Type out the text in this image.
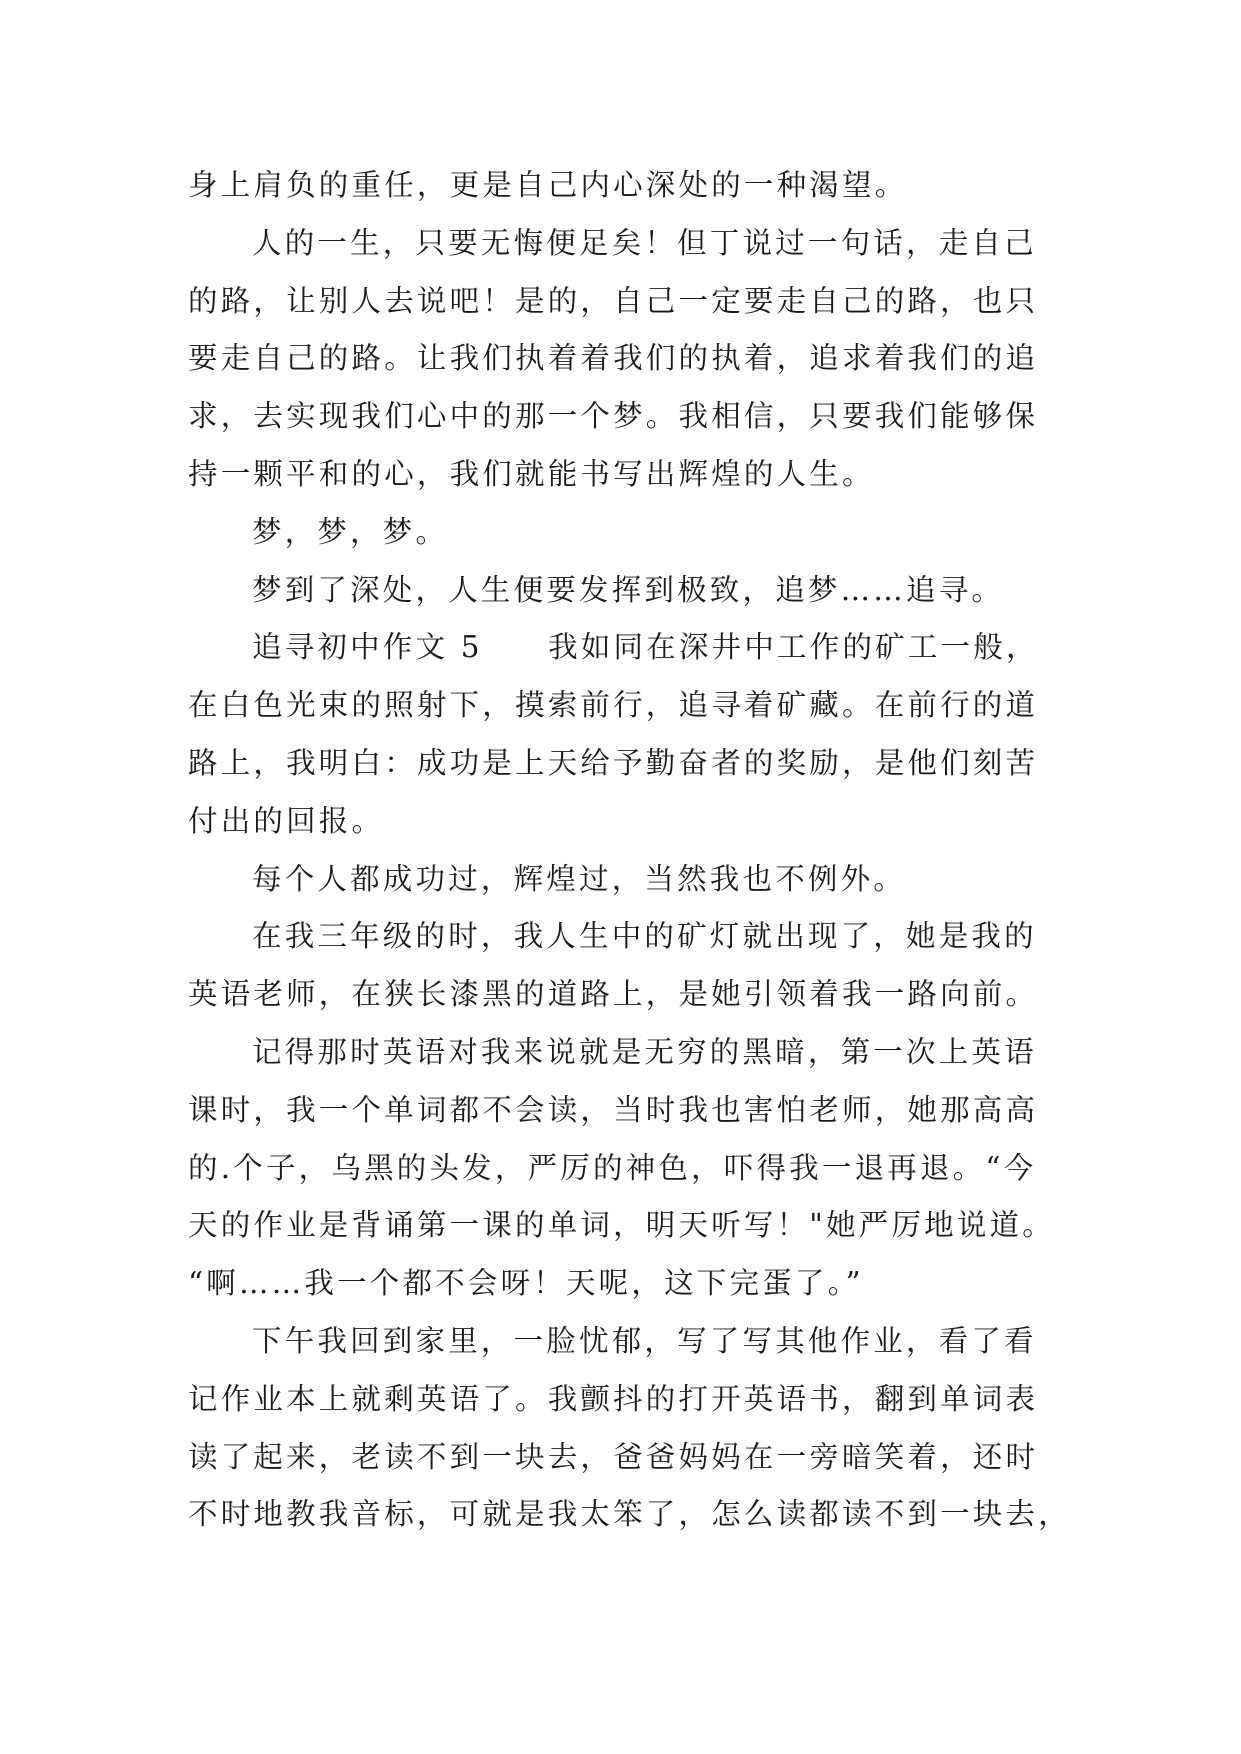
身上肩负的重任，更是自己内心深处的一种渴望。
人的一生，只要无悔便足矣！但丁说过一句话，走自己
的路，让别人去说吧！是的，自己一定要走自己的路，也只
要走自己的路。让我们执着着我们的执着，追求着我们的追
求，去实现我们心中的那一个梦。我相信，只要我们能够保
持一颗平和的心，我们就能书写出辉煌的人生。
梦，梦，梦。
梦到了深处，人生便要发挥到极致，追梦……追寻。
追寻初中作文 5　　我如同在深井中工作的矿工一般，
在白色光束的照射下，摸索前行，追寻着矿藏。在前行的道
路上，我明白：成功是上天给予勤奋者的奖励，是他们刻苦
付出的回报。
每个人都成功过，辉煌过，当然我也不例外。
在我三年级的时，我人生中的矿灯就出现了，她是我的
英语老师，在狭长漆黑的道路上，是她引领着我一路向前。
记得那时英语对我来说就是无穷的黑暗，第一次上英语
课时，我一个单词都不会读，当时我也害怕老师，她那高高
的.个子，乌黑的头发，严厉的神色，吓得我一退再退。“今
天的作业是背诵第一课的单词，明天听写！"她严厉地说道。
“啊……我一个都不会呀！天呢，这下完蛋了。”
下午我回到家里，一脸忧郁，写了写其他作业，看了看
记作业本上就剩英语了。我颤抖的打开英语书，翻到单词表
读了起来，老读不到一块去，爸爸妈妈在一旁暗笑着，还时
不时地教我音标，可就是我太笨了，怎么读都读不到一块去，
